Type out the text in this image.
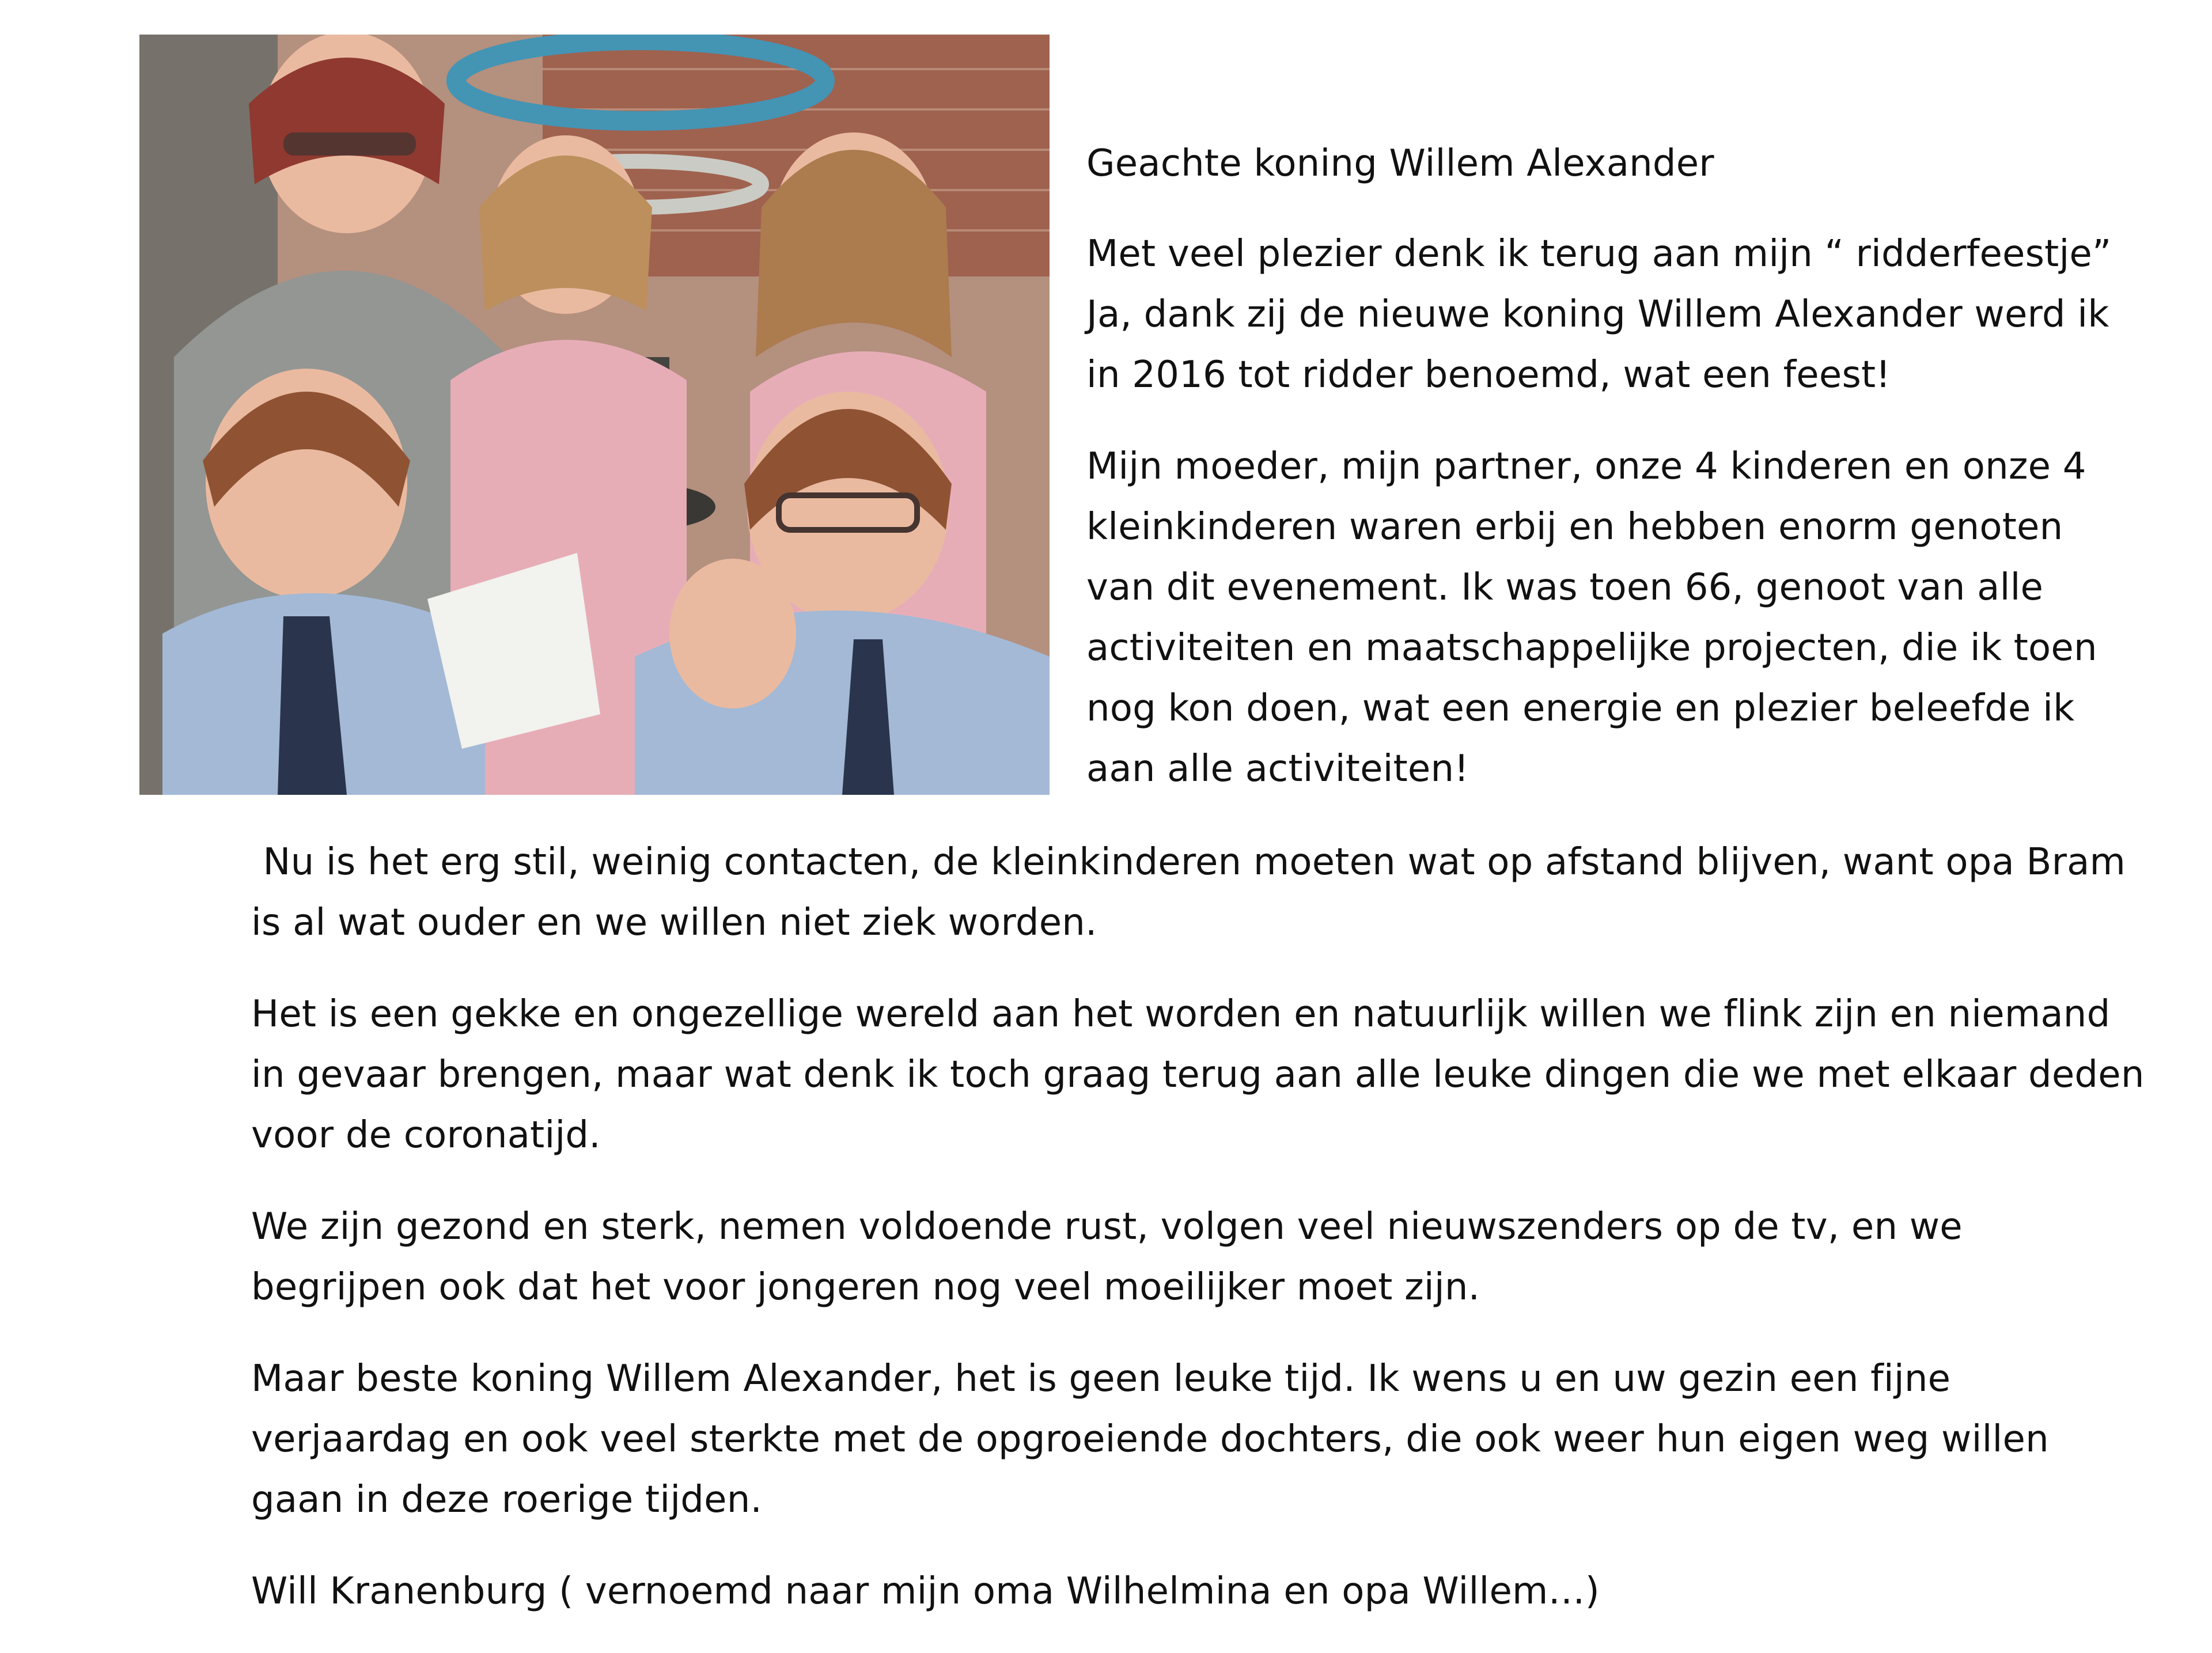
Geachte koning Willem Alexander

Met veel plezier denk ik terug aan mijn “ ridderfeestje”
Ja, dank zij de nieuwe koning Willem Alexander werd ik
in 2016 tot ridder benoemd, wat een feest!

Mijn moeder, mijn partner, onze 4 kinderen en onze 4
kleinkinderen waren erbij en hebben enorm genoten
van dit evenement. Ik was toen 66, genoot van alle
activiteiten en maatschappelijke projecten, die ik toen
nog kon doen, wat een energie en plezier beleefde ik
aan alle activiteiten!

Nu is het erg stil, weinig contacten, de kleinkinderen moeten wat op afstand blijven, want opa Bram
is al wat ouder en we willen niet ziek worden.

Het is een gekke en ongezellige wereld aan het worden en natuurlijk willen we flink zijn en niemand
in gevaar brengen, maar wat denk ik toch graag terug aan alle leuke dingen die we met elkaar deden
voor de coronatijd.

We zijn gezond en sterk, nemen voldoende rust, volgen veel nieuwszenders op de tv, en we
begrijpen ook dat het voor jongeren nog veel moeilijker moet zijn.

Maar beste koning Willem Alexander, het is geen leuke tijd. Ik wens u en uw gezin een fijne
verjaardag en ook veel sterkte met de opgroeiende dochters, die ook weer hun eigen weg willen
gaan in deze roerige tijden.

Will Kranenburg ( vernoemd naar mijn oma Wilhelmina en opa Willem…)
